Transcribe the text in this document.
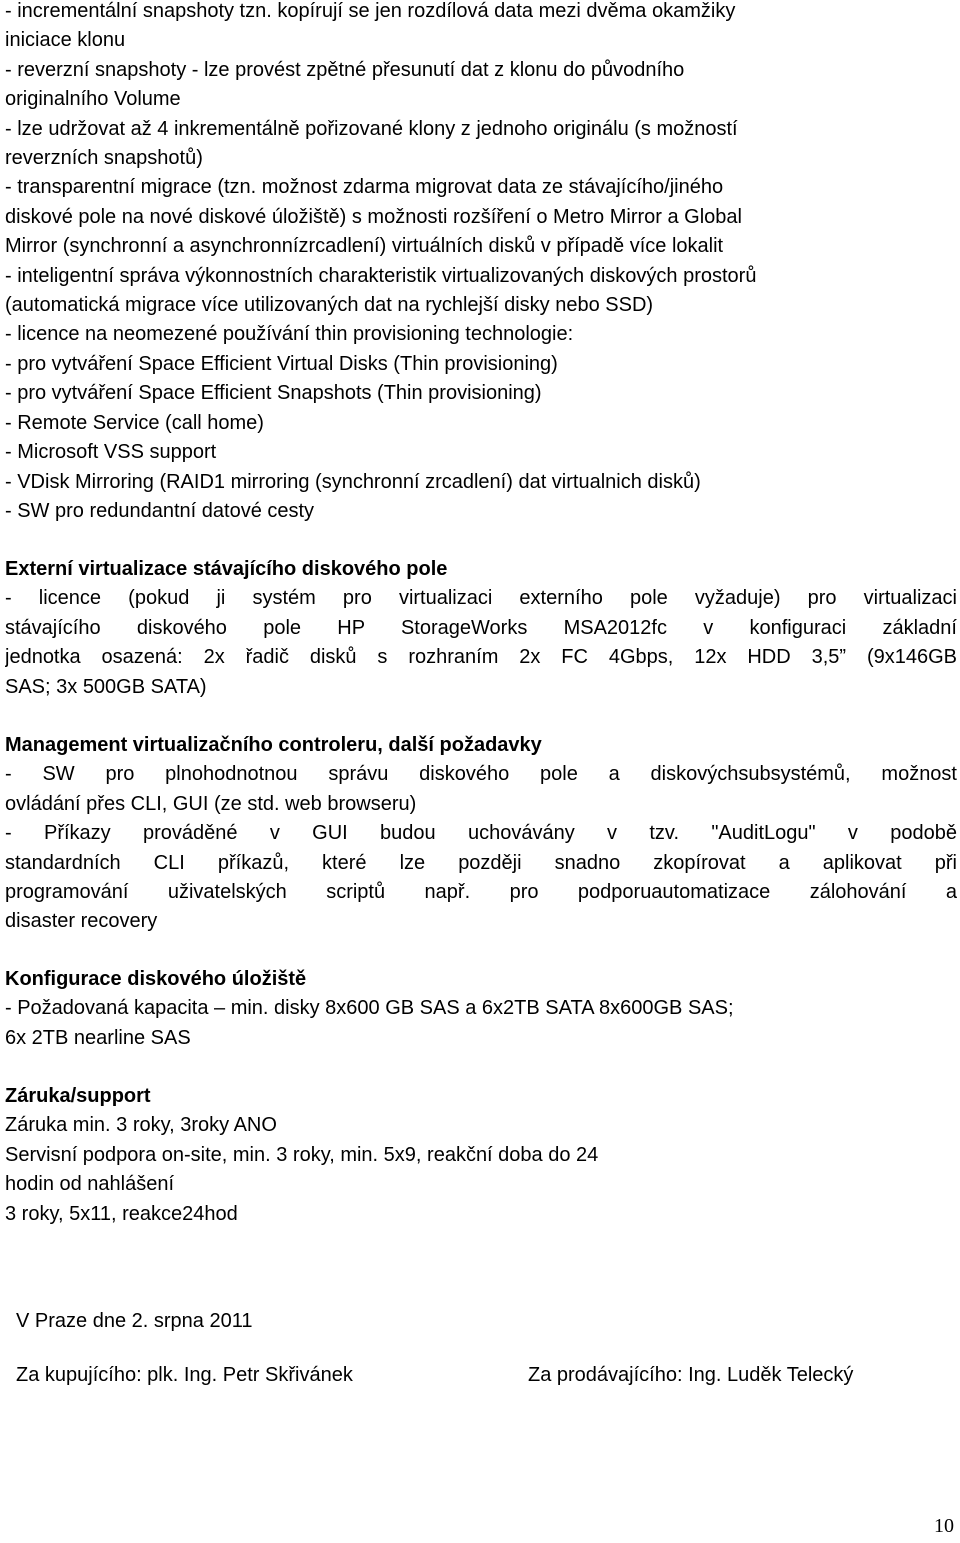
- incrementální snapshoty tzn. kopírují se jen rozdílová data mezi dvěma okamžiky
iniciace klonu
- reverzní snapshoty - lze provést zpětné přesunutí dat z klonu do původního
originalního Volume
- lze udržovat až 4 inkrementálně pořizované klony z jednoho originálu (s možností
reverzních snapshotů)
- transparentní migrace (tzn. možnost zdarma migrovat data ze stávajícího/jiného
diskové pole na nové diskové úložiště) s možnosti rozšíření o Metro Mirror a Global
Mirror (synchronní a asynchronnízrcadlení) virtuálních disků v případě více lokalit
- inteligentní správa výkonnostních charakteristik virtualizovaných diskových prostorů
(automatická migrace více utilizovaných dat na rychlejší disky nebo SSD)
- licence na neomezené používání thin provisioning technologie:
- pro vytváření Space Efficient Virtual Disks (Thin provisioning)
- pro vytváření Space Efficient Snapshots (Thin provisioning)
- Remote Service (call home)
- Microsoft VSS support
- VDisk Mirroring (RAID1 mirroring (synchronní zrcadlení) dat virtualnich disků)
- SW pro redundantní datové cesty
Externí virtualizace stávajícího diskového pole
- licence (pokud ji systém pro virtualizaci externího pole vyžaduje) pro virtualizaci
stávajícího diskového pole HP StorageWorks MSA2012fc v konfiguraci základní
jednotka osazená: 2x řadič disků s rozhraním 2x FC 4Gbps, 12x HDD 3,5” (9x146GB
SAS; 3x 500GB SATA)
Management virtualizačního controleru, další požadavky
- SW pro plnohodnotnou správu diskového pole a diskovýchsubsystémů, možnost
ovládání přes CLI, GUI (ze std. web browseru)
- Příkazy prováděné v GUI budou uchovávány v tzv. "AuditLogu" v podobě
standardních CLI příkazů, které lze později snadno zkopírovat a aplikovat při
programování uživatelských scriptů např. pro podporuautomatizace zálohování a
disaster recovery
Konfigurace diskového úložiště
- Požadovaná kapacita – min. disky 8x600 GB SAS a 6x2TB SATA 8x600GB SAS;
6x 2TB nearline SAS
Záruka/support
Záruka min. 3 roky, 3roky ANO
Servisní podpora on-site, min. 3 roky, min. 5x9, reakční doba do 24
hodin od nahlášení
3 roky, 5x11, reakce24hod
V Praze dne 2. srpna 2011
Za kupujícího: plk. Ing. Petr Skřivánek	Za prodávajícího: Ing. Luděk Telecký
10
